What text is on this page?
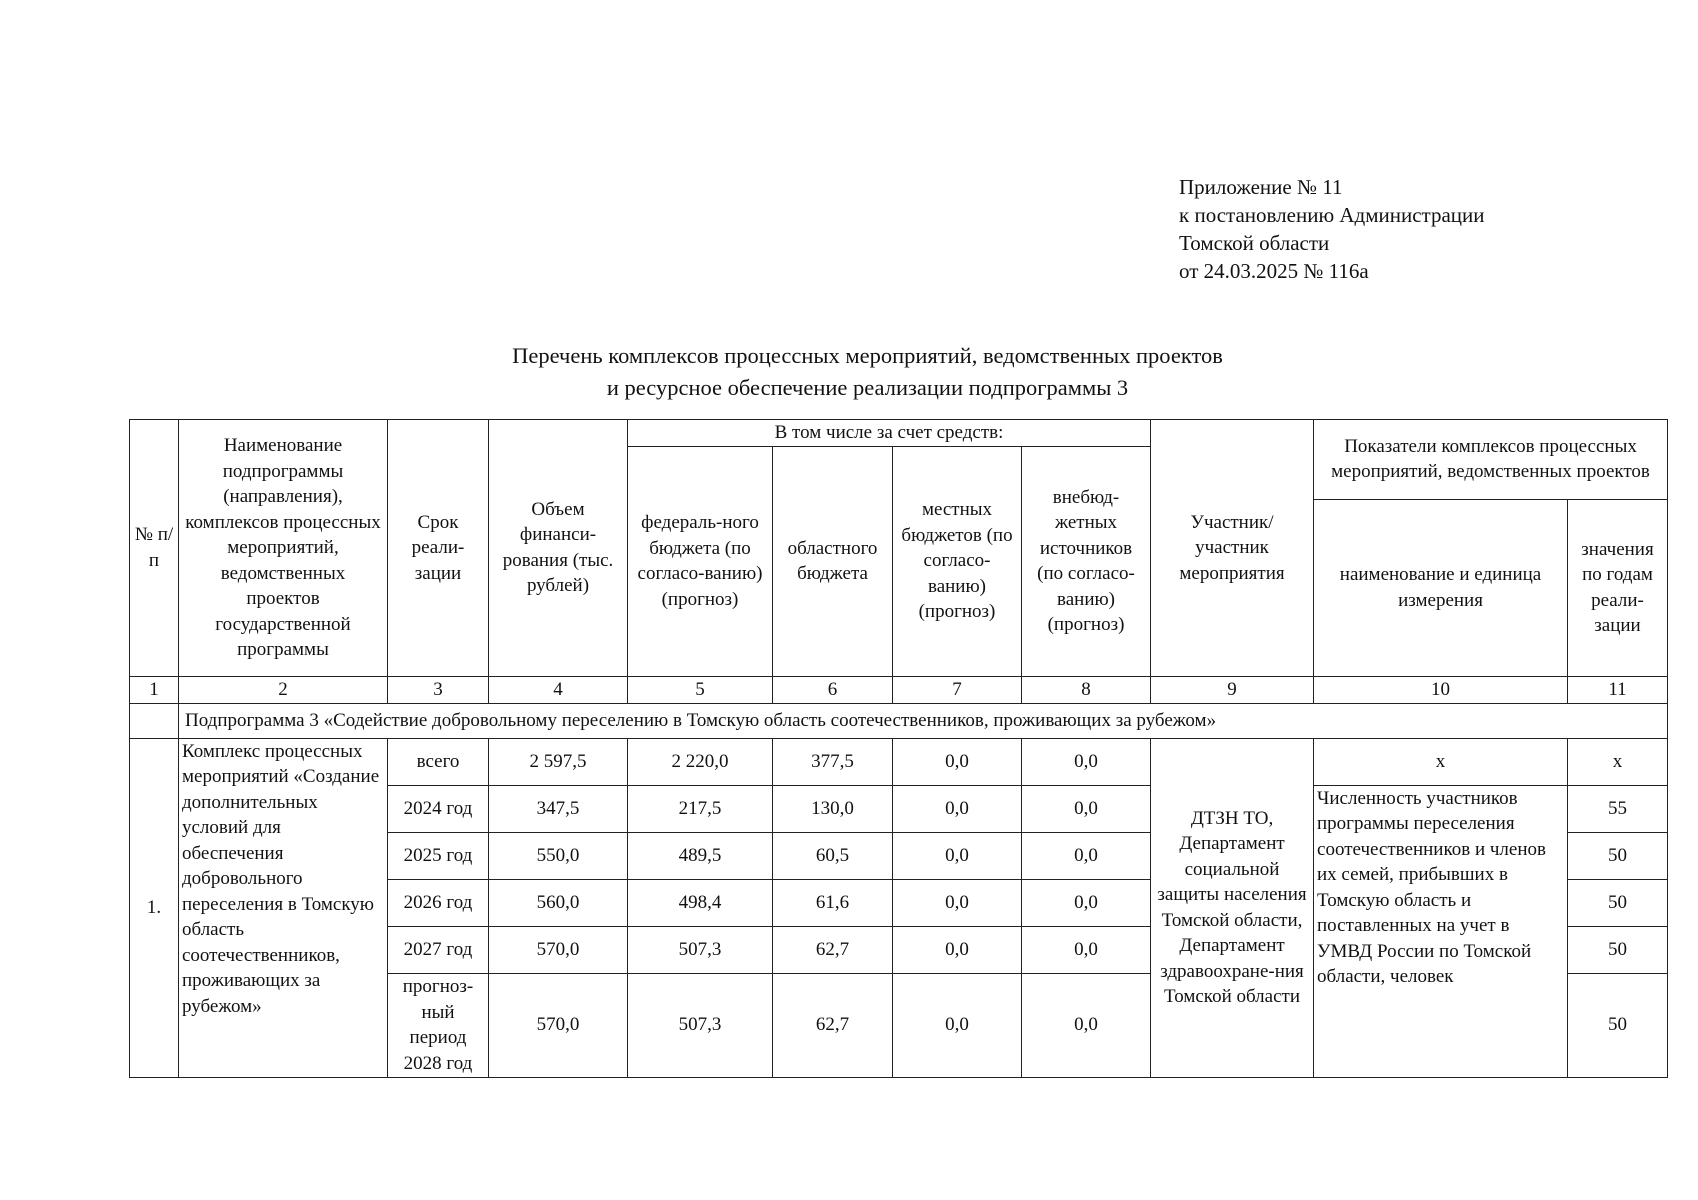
Приложение № 11
к постановлению Администрации
Томской области
от 24.03.2025 № 116а
Перечень комплексов процессных мероприятий, ведомственных проектов
и ресурсное обеспечение реализации подпрограммы 3
№ п/п	Наименование подпрограммы (направления), комплексов процессных мероприятий, ведомственных проектов государственной программы	Срок реали-зации	Объем финанси-рования (тыс. рублей)	В том числе за счет средств:				Участник/ участник мероприятия	Показатели комплексов процессных мероприятий, ведомственных проектов	
				федераль-ного бюджета (по согласо-ванию) (прогноз)	областного бюджета	местных бюджетов (по согласо-ванию) (прогноз)	внебюд-жетных источников (по согласо-ванию) (прогноз)			
									наименование и единица измерения	значения по годам реали-зации
1	2	3	4	5	6	7	8	9	10	11
	Подпрограмма 3 «Содействие добровольному переселению в Томскую область соотечественников, проживающих за рубежом»									
1.	Комплекс процессных мероприятий «Создание дополнительных условий для обеспечения добровольного переселения в Томскую область соотечественников, проживающих за рубежом»	всего	2 597,5	2 220,0	377,5	0,0	0,0	ДТЗН ТО, Департамент социальной защиты населения Томской области, Департамент здравоохране-ния Томской области	х	х
		2024 год	347,5	217,5	130,0	0,0	0,0		Численность участников программы переселения соотечественников и членов их семей, прибывших в Томскую область и поставленных на учет в УМВД России по Томской области, человек	55
		2025 год	550,0	489,5	60,5	0,0	0,0			50
		2026 год	560,0	498,4	61,6	0,0	0,0			50
		2027 год	570,0	507,3	62,7	0,0	0,0			50
		прогноз-ный период 2028 год	570,0	507,3	62,7	0,0	0,0			50
